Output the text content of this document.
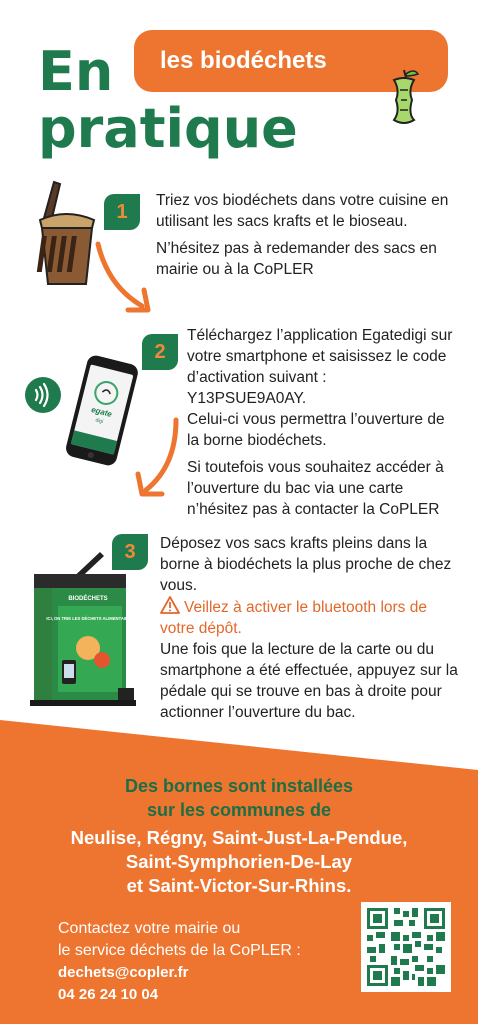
En
pratique
les biodéchets
1

Triez vos biodéchets dans votre cuisine en utilisant les sacs krafts et le bioseau.

N’hésitez pas à redemander des sacs en mairie ou à la CoPLER

egate
digi
2

Téléchargez l’application Egatedigi sur votre smartphone et saisissez le code d’activation suivant :

Y13PSUE9A0AY.

Celui-ci vous permettra l’ouverture de la borne biodéchets.

Si toutefois vous souhaitez accéder à l’ouverture du bac via une carte n’hésitez pas à contacter la CoPLER

BIODÉCHETS
ICI, ON TRIE LES DÉCHETS ALIMENTAIRES
3	Déposez vos sacs krafts pleins dans la borne à biodéchets la plus proche de chez vous.

Veillez à activer le bluetooth lors de votre dépôt.

Une fois que la lecture de la carte ou du smartphone a été effectuée, appuyez sur la pédale qui se trouve en bas à droite pour actionner l’ouverture du bac.

Des bornes sont installées
sur les communes de
Neulise, Régny, Saint-Just-La-Pendue,
Saint-Symphorien-De-Lay
et Saint-Victor-Sur-Rhins.
Contactez votre mairie ou
le service déchets de la CoPLER :
dechets@copler.fr
04 26 24 10 04
